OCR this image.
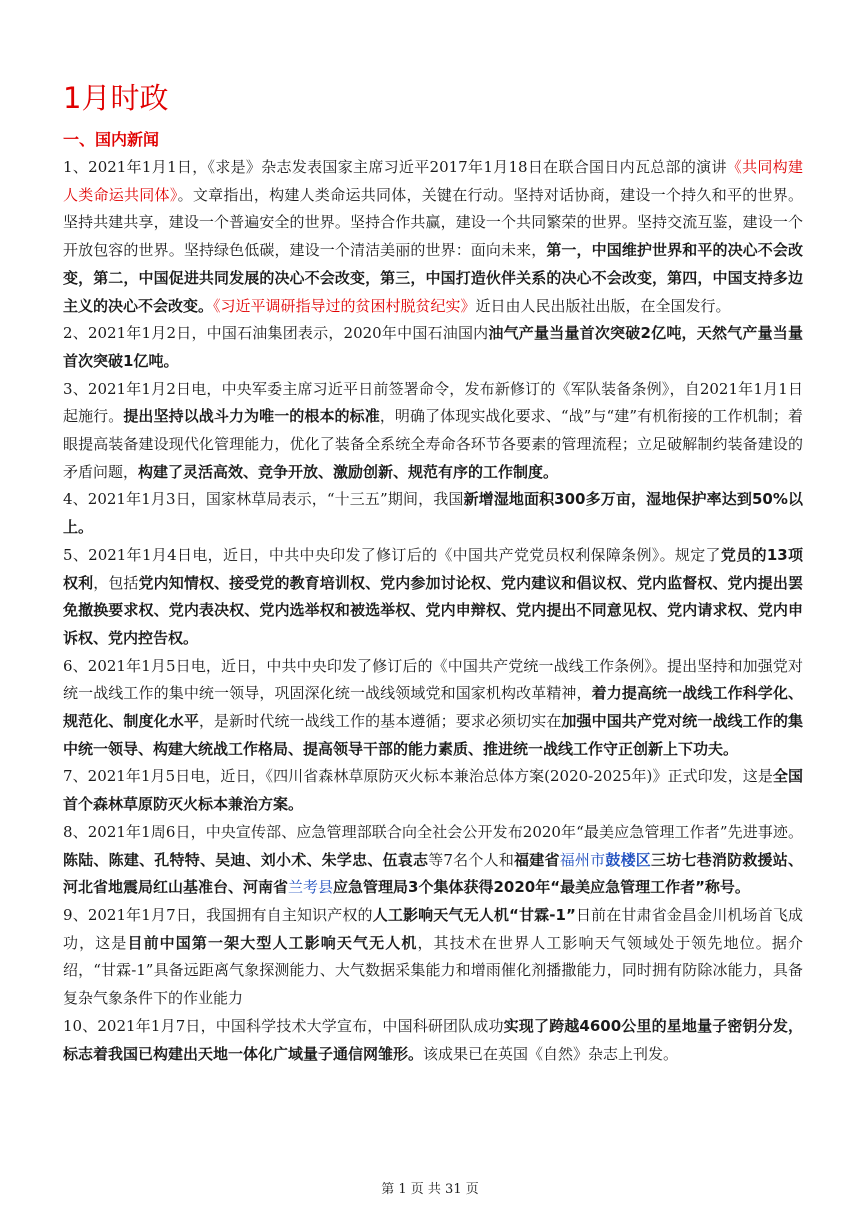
1月时政
一、国内新闻

1、2021年1月1日，《求是》杂志发表国家主席习近平2017年1月18日在联合国日内瓦总部的演讲《共同构建人类命运共同体》。文章指出，构建人类命运共同体，关键在行动。坚持对话协商，建设一个持久和平的世界。坚持共建共享，建设一个普遍安全的世界。坚持合作共赢，建设一个共同繁荣的世界。坚持交流互鉴，建设一个开放包容的世界。坚持绿色低碳，建设一个清洁美丽的世界：面向未来，第一，中国维护世界和平的决心不会改变，第二，中国促进共同发展的决心不会改变，第三，中国打造伙伴关系的决心不会改变，第四，中国支持多边主义的决心不会改变。《习近平调研指导过的贫困村脱贫纪实》近日由人民出版社出版，在全国发行。

2、2021年1月2日，中国石油集团表示，2020年中国石油国内油气产量当量首次突破2亿吨，天然气产量当量首次突破1亿吨。

3、2021年1月2日电，中央军委主席习近平日前签署命令，发布新修订的《军队装备条例》，自2021年1月1日起施行。提出坚持以战斗力为唯一的根本的标准，明确了体现实战化要求、“战”与“建”有机衔接的工作机制；着眼提高装备建设现代化管理能力，优化了装备全系统全寿命各环节各要素的管理流程；立足破解制约装备建设的矛盾问题，构建了灵活高效、竞争开放、激励创新、规范有序的工作制度。

4、2021年1月3日，国家林草局表示，“十三五”期间，我国新增湿地面积300多万亩，湿地保护率达到50%以上。

5、2021年1月4日电，近日，中共中央印发了修订后的《中国共产党党员权利保障条例》。规定了党员的13项权利，包括党内知情权、接受党的教育培训权、党内参加讨论权、党内建议和倡议权、党内监督权、党内提出罢免撤换要求权、党内表决权、党内选举权和被选举权、党内申辩权、党内提出不同意见权、党内请求权、党内申诉权、党内控告权。

6、2021年1月5日电，近日，中共中央印发了修订后的《中国共产党统一战线工作条例》。提出坚持和加强党对统一战线工作的集中统一领导，巩固深化统一战线领域党和国家机构改革精神，着力提高统一战线工作科学化、规范化、制度化水平，是新时代统一战线工作的基本遵循；要求必须切实在加强中国共产党对统一战线工作的集中统一领导、构建大统战工作格局、提高领导干部的能力素质、推进统一战线工作守正创新上下功夫。

7、2021年1月5日电，近日，《四川省森林草原防灭火标本兼治总体方案(2020-2025年)》正式印发，这是全国首个森林草原防灭火标本兼治方案。

8、2021年1周6日，中央宣传部、应急管理部联合向全社会公开发布2020年“最美应急管理工作者”先进事迹。陈陆、陈建、孔特特、吴迪、刘小术、朱学忠、伍袁志等7名个人和福建省福州市鼓楼区三坊七巷消防救援站、河北省地震局红山基准台、河南省兰考县应急管理局3个集体获得2020年“最美应急管理工作者”称号。

9、2021年1月7日，我国拥有自主知识产权的人工影响天气无人机“甘霖-1”日前在甘肃省金昌金川机场首飞成功，这是目前中国第一架大型人工影响天气无人机，其技术在世界人工影响天气领域处于领先地位。据介绍，“甘霖-1”具备远距离气象探测能力、大气数据采集能力和增雨催化剂播撒能力，同时拥有防除冰能力，具备复杂气象条件下的作业能力

10、2021年1月7日，中国科学技术大学宣布，中国科研团队成功实现了跨越4600公里的星地量子密钥分发，标志着我国已构建出天地一体化广域量子通信网雏形。该成果已在英国《自然》杂志上刊发。

第 1 页 共 31 页
